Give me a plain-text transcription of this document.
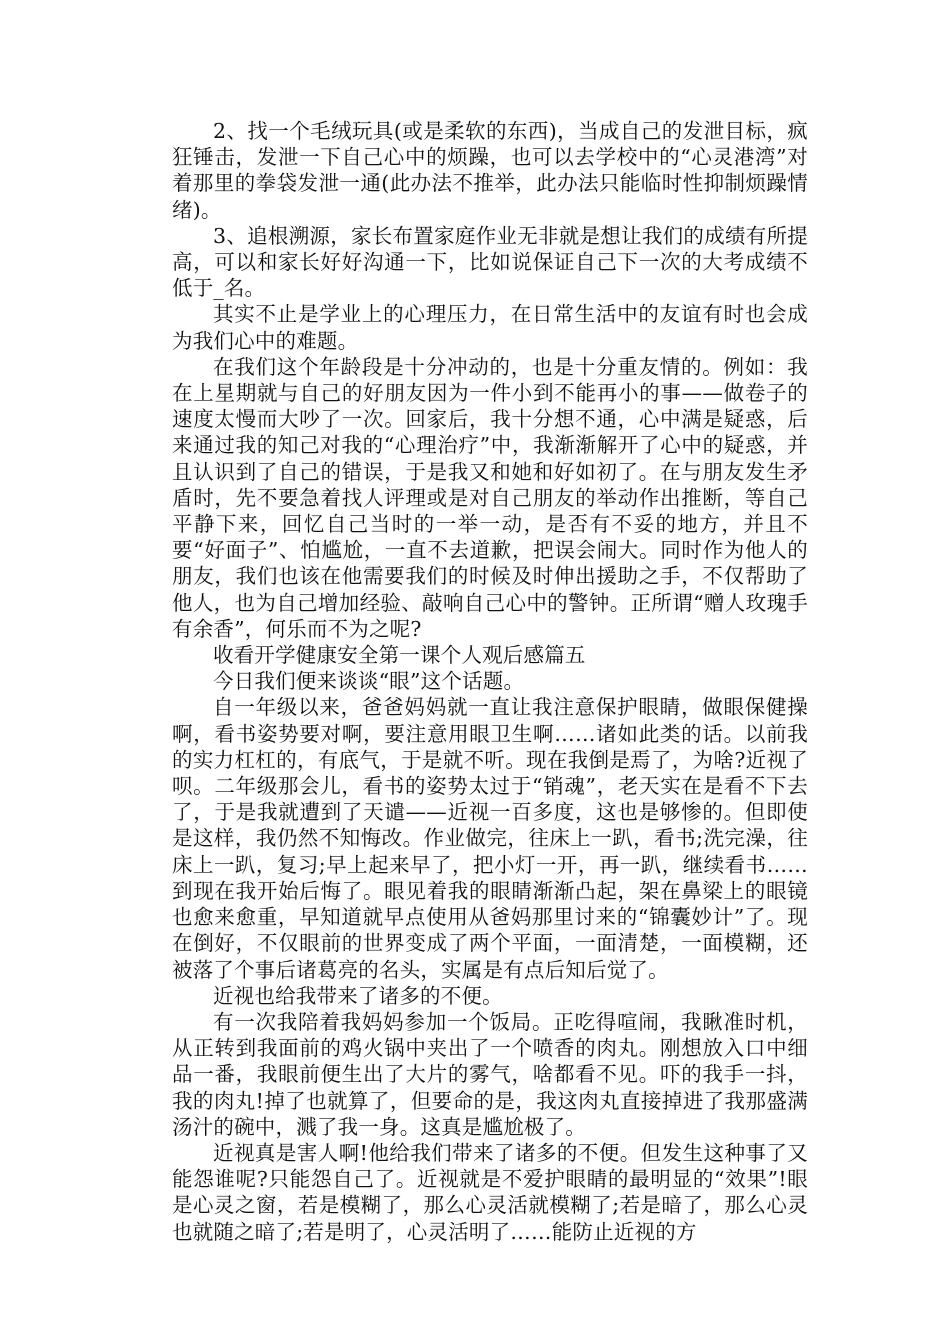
2、找一个毛绒玩具(或是柔软的东西)，当成自己的发泄目标，疯狂锤击，发泄一下自己心中的烦躁，也可以去学校中的“心灵港湾”对着那里的拳袋发泄一通(此办法不推举，此办法只能临时性抑制烦躁情绪)。

3、追根溯源，家长布置家庭作业无非就是想让我们的成绩有所提高，可以和家长好好沟通一下，比如说保证自己下一次的大考成绩不低于_名。

其实不止是学业上的心理压力，在日常生活中的友谊有时也会成为我们心中的难题。

在我们这个年龄段是十分冲动的，也是十分重友情的。例如：我在上星期就与自己的好朋友因为一件小到不能再小的事——做卷子的速度太慢而大吵了一次。回家后，我十分想不通，心中满是疑惑，后来通过我的知己对我的“心理治疗”中，我渐渐解开了心中的疑惑，并且认识到了自己的错误，于是我又和她和好如初了。在与朋友发生矛盾时，先不要急着找人评理或是对自己朋友的举动作出推断，等自己平静下来，回忆自己当时的一举一动，是否有不妥的地方，并且不要“好面子”、怕尴尬，一直不去道歉，把误会闹大。同时作为他人的朋友，我们也该在他需要我们的时候及时伸出援助之手，不仅帮助了他人，也为自己增加经验、敲响自己心中的警钟。正所谓“赠人玫瑰手有余香”，何乐而不为之呢?

收看开学健康安全第一课个人观后感篇五

今日我们便来谈谈“眼”这个话题。

自一年级以来，爸爸妈妈就一直让我注意保护眼睛，做眼保健操啊，看书姿势要对啊，要注意用眼卫生啊……诸如此类的话。以前我的实力杠杠的，有底气，于是就不听。现在我倒是焉了，为啥?近视了呗。二年级那会儿，看书的姿势太过于“销魂”，老天实在是看不下去了，于是我就遭到了天谴——近视一百多度，这也是够惨的。但即使是这样，我仍然不知悔改。作业做完，往床上一趴，看书;洗完澡，往床上一趴，复习;早上起来早了，把小灯一开，再一趴，继续看书……到现在我开始后悔了。眼见着我的眼睛渐渐凸起，架在鼻梁上的眼镜也愈来愈重，早知道就早点使用从爸妈那里讨来的“锦囊妙计”了。现在倒好，不仅眼前的世界变成了两个平面，一面清楚，一面模糊，还被落了个事后诸葛亮的名头，实属是有点后知后觉了。

近视也给我带来了诸多的不便。

有一次我陪着我妈妈参加一个饭局。正吃得喧闹，我瞅准时机，从正转到我面前的鸡火锅中夹出了一个喷香的肉丸。刚想放入口中细品一番，我眼前便生出了大片的雾气，啥都看不见。吓的我手一抖，我的肉丸!掉了也就算了，但要命的是，我这肉丸直接掉进了我那盛满汤汁的碗中，溅了我一身。这真是尴尬极了。

近视真是害人啊!他给我们带来了诸多的不便。但发生这种事了又能怨谁呢?只能怨自己了。近视就是不爱护眼睛的最明显的“效果”!眼是心灵之窗，若是模糊了，那么心灵活就模糊了;若是暗了，那么心灵也就随之暗了;若是明了，心灵活明了……能防止近视的方
